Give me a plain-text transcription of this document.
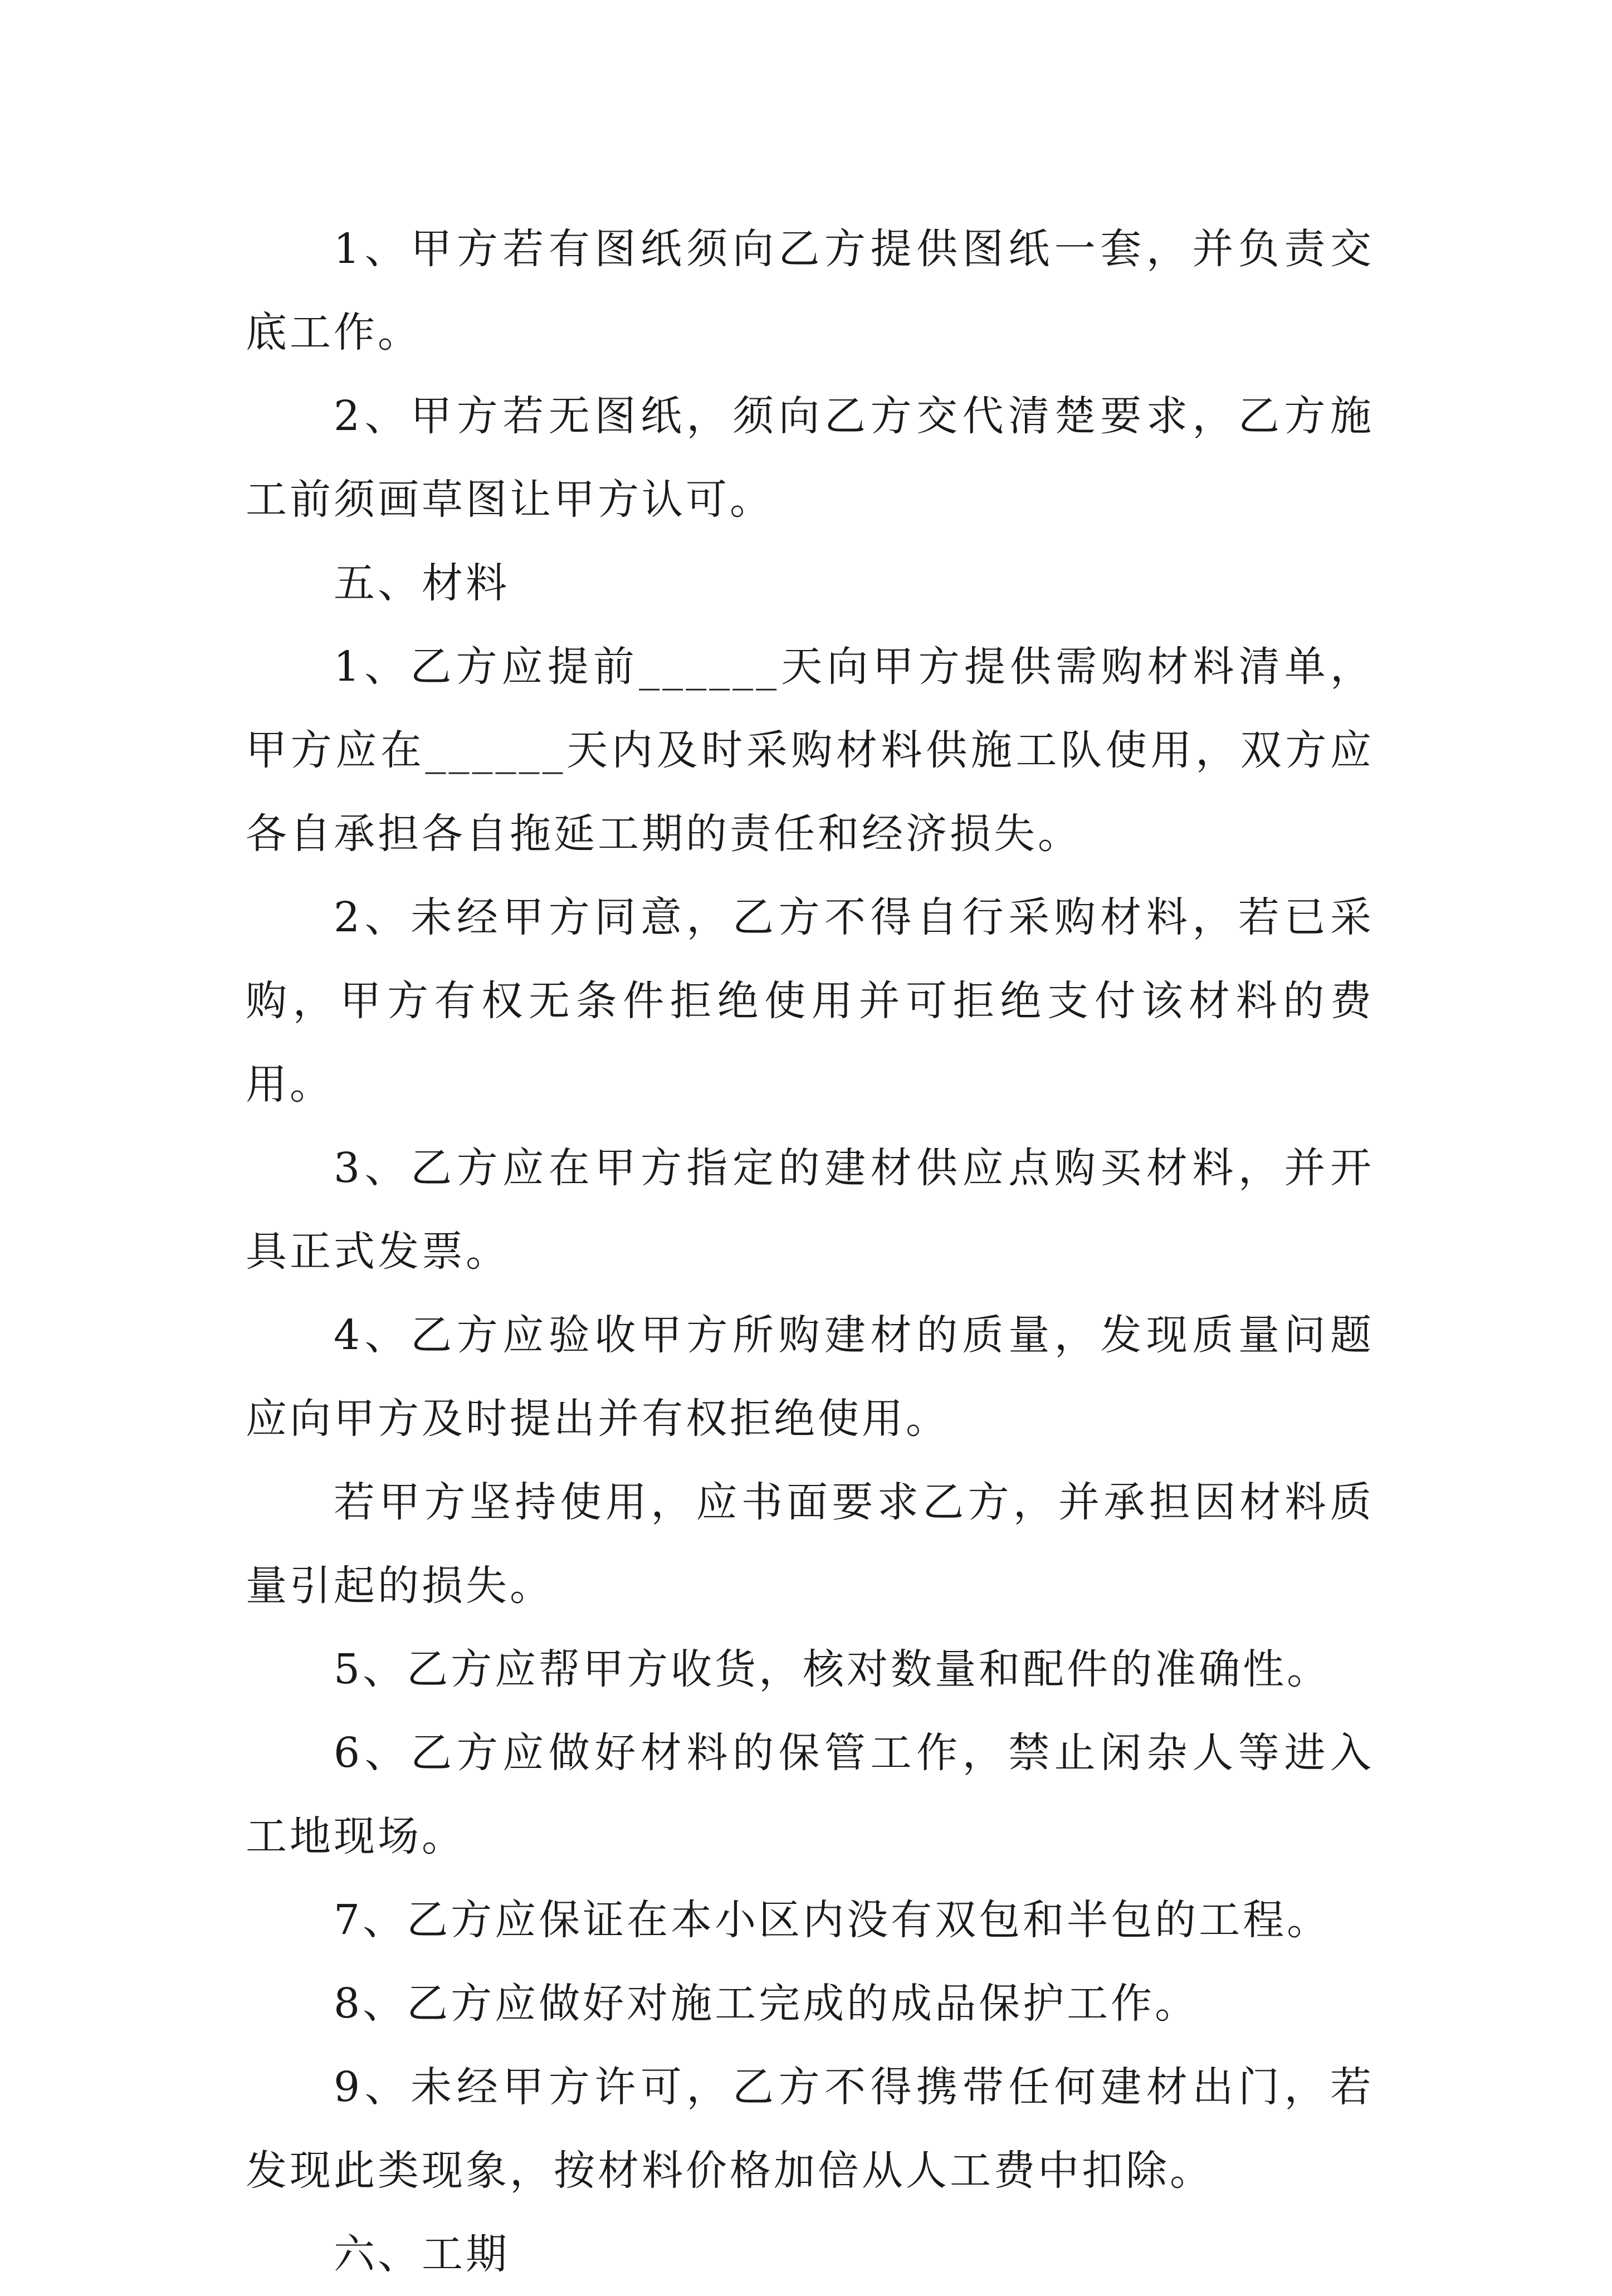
1、甲方若有图纸须向乙方提供图纸一套，并负责交底工作。

2、甲方若无图纸，须向乙方交代清楚要求，乙方施工前须画草图让甲方认可。

五、材料

1、乙方应提前______天向甲方提供需购材料清单，甲方应在______天内及时采购材料供施工队使用，双方应各自承担各自拖延工期的责任和经济损失。

2、未经甲方同意，乙方不得自行采购材料，若已采购，甲方有权无条件拒绝使用并可拒绝支付该材料的费用。

3、乙方应在甲方指定的建材供应点购买材料，并开具正式发票。

4、乙方应验收甲方所购建材的质量，发现质量问题应向甲方及时提出并有权拒绝使用。

若甲方坚持使用，应书面要求乙方，并承担因材料质量引起的损失。

5、乙方应帮甲方收货，核对数量和配件的准确性。

6、乙方应做好材料的保管工作，禁止闲杂人等进入工地现场。

7、乙方应保证在本小区内没有双包和半包的工程。

8、乙方应做好对施工完成的成品保护工作。

9、未经甲方许可，乙方不得携带任何建材出门，若发现此类现象，按材料价格加倍从人工费中扣除。

六、工期
